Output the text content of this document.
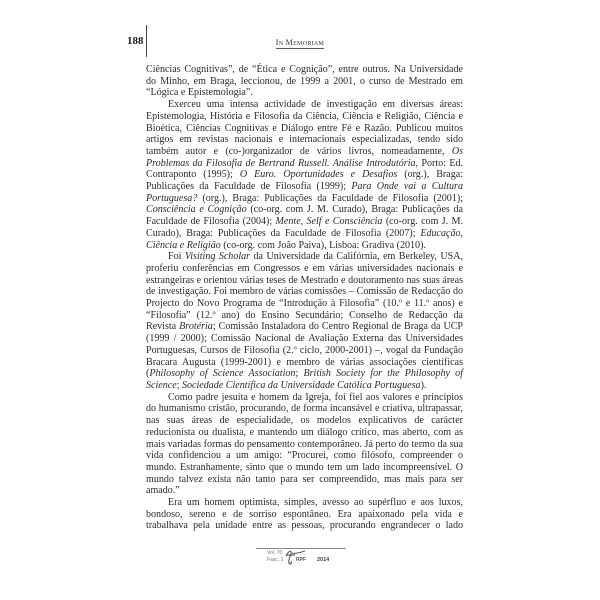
188	In Memoriam

Ciências Cognitivas”, de “Ética e Cognição”, entre outros. Na Universidade do Minho, em Braga, leccionou, de 1999 a 2001, o curso de Mestrado em “Lógica e Epistemologia”.

Exerceu uma intensa actividade de investigação em diversas áreas: Epistemologia, História e Filosofia da Ciência, Ciência e Religião, Ciência e Bioética, Ciências Cognitivas e Diálogo entre Fé e Razão. Publicou muitos artigos em revistas nacionais e internacionais especializadas, tendo sido também autor e (co-)organizador de vários livros, nomeadamente, Os Problemas da Filosofia de Bertrand Russell. Análise Introdutória, Porto: Ed. Contraponto (1995); O Euro. Oportunidades e Desafios (org.), Braga: Publicações da Faculdade de Filosofia (1999); Para Onde vai a Cultura Portuguesa? (org.), Braga: Publicações da Faculdade de Filosofia (2001); Consciência e Cognição (co-org. com J. M. Curado), Braga: Publicações da Faculdade de Filosofia (2004); Mente, Self e Consciência (co-org. com J. M. Curado), Braga: Publicações da Faculdade de Filosofia (2007); Educação, Ciência e Religião (co-org. com João Paiva), Lisboa: Gradiva (2010).

Foi Visiting Scholar da Universidade da Califórnia, em Berkeley, USA, proferiu conferências em Congressos e em várias universidades nacionais e estrangeiras e orientou várias teses de Mestrado e doutoramento nas suas áreas de investigação. Foi membro de várias comissões – Comissão de Redacção do Projecto do Novo Programa de “Introdução à Filosofia” (10.º e 11.º anos) e “Filosofia” (12.º ano) do Ensino Secundário; Conselho de Redacção da Revista Brotéria; Comissão Instaladora do Centro Regional de Braga da UCP (1999 / 2000); Comissão Nacional de Avaliação Externa das Universidades Portuguesas, Cursos de Filosofia (2.º ciclo, 2000-2001) –, vogal da Fundação Bracara Augusta (1999-2001) e membro de várias associações científicas (Philosophy of Science Association; British Society for the Philosophy of Science; Sociedade Científica da Universidade Católica Portuguesa).

Como padre jesuíta e homem da Igreja, foi fiel aos valores e princípios do humanismo cristão, procurando, de forma incansável e criativa, ultrapassar, nas suas áreas de especialidade, os modelos explicativos de carácter reducionista ou dualista, e mantendo um diálogo crítico, mas aberto, com as mais variadas formas do pensamento contemporâneo. Já perto do termo da sua vida confidenciou a um amigo: “Procurei, como filósofo, compreender o mundo. Estranhamente, sinto que o mundo tem um lado incompreensível. O mundo talvez exista não tanto para ser compreendido, mas mais para ser amado.”

Era um homem optimista, simples, avesso ao supérfluo e aos luxos, bondoso, sereno e de sorriso espontâneo. Era apaixonado pela vida e trabalhava pela unidade entre as pessoas, procurando engrandecer o lado

Vol. 70
Fasc. 1	RPF 2014
